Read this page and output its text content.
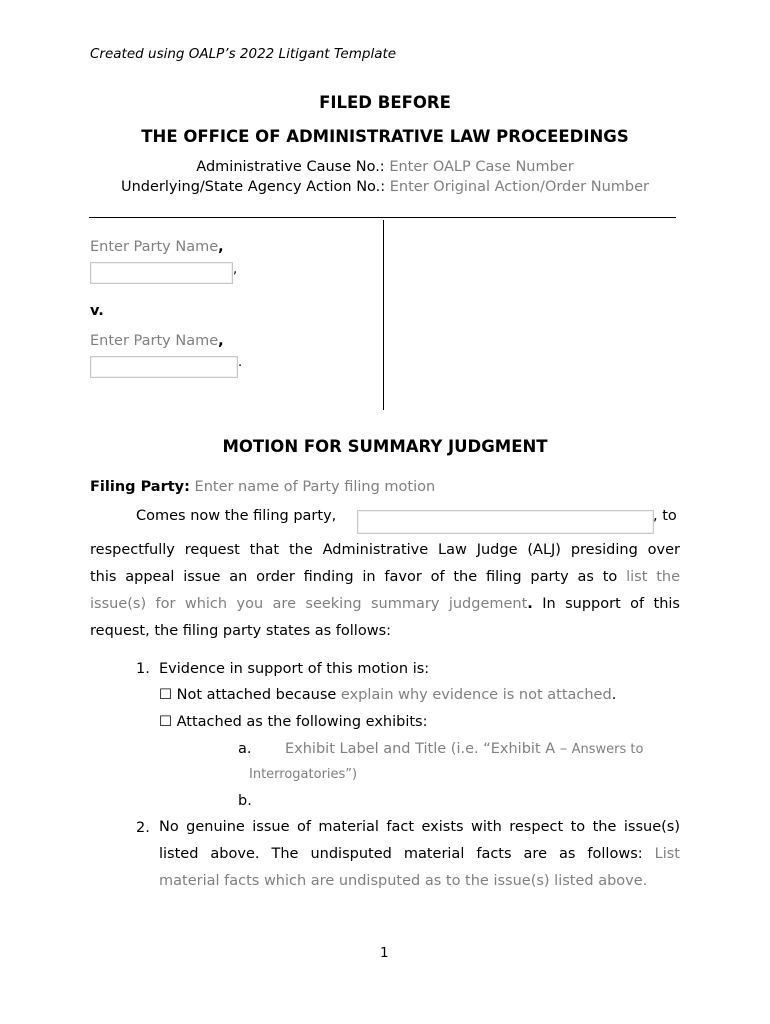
Created using OALP’s 2022 Litigant Template
FILED BEFORE
THE OFFICE OF ADMINISTRATIVE LAW PROCEEDINGS
Administrative Cause No.: Enter OALP Case Number
Underlying/State Agency Action No.: Enter Original Action/Order Number
Enter Party Name,
,
v.
Enter Party Name,
.
MOTION FOR SUMMARY JUDGMENT
Filing Party: Enter name of Party filing motion
Comes now the filing party,	, to
respectfully request that the Administrative Law Judge (ALJ) presiding over
this appeal issue an order finding in favor of the filing party as to list the
issue(s) for which you are seeking summary judgement. In support of this
request, the filing party states as follows:
1. Evidence in support of this motion is:
☐ Not attached because explain why evidence is not attached.
☐ Attached as the following exhibits:
a. Exhibit Label and Title (i.e. “Exhibit A – Answers to
Interrogatories”)
b.
2. No genuine issue of material fact exists with respect to the issue(s)
listed above. The undisputed material facts are as follows: List
material facts which are undisputed as to the issue(s) listed above.
1
